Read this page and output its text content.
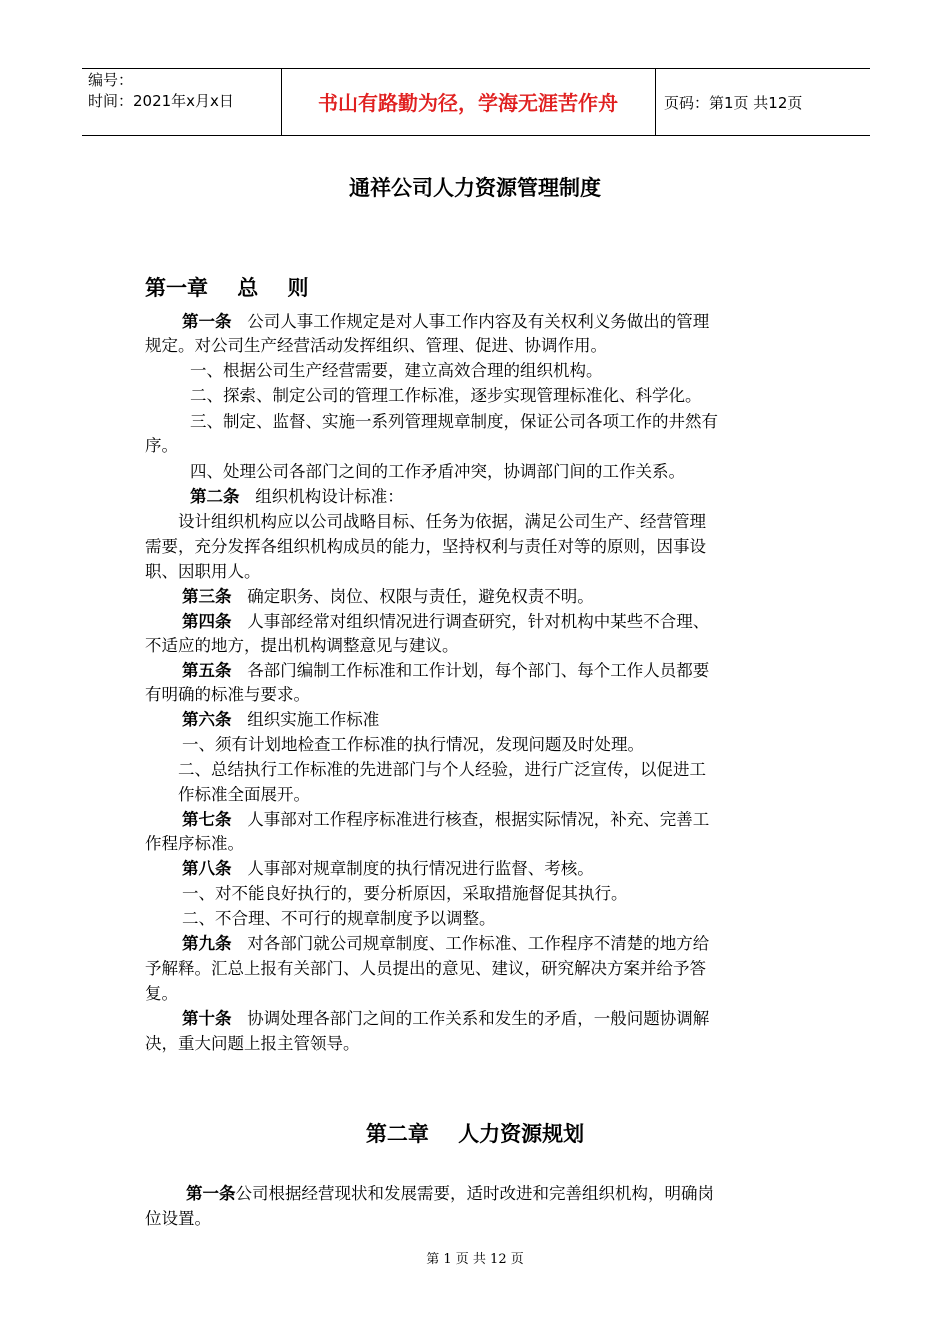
编号：
时间：2021年x月x日	书山有路勤为径，学海无涯苦作舟	页码：第1页 共12页
通祥公司人力资源管理制度
第一章    总    则
第一条   公司人事工作规定是对人事工作内容及有关权利义务做出的管理
规定。对公司生产经营活动发挥组织、管理、促进、协调作用。
一、根据公司生产经营需要，建立高效合理的组织机构。
二、探索、制定公司的管理工作标准，逐步实现管理标准化、科学化。
三、制定、监督、实施一系列管理规章制度，保证公司各项工作的井然有
序。
四、处理公司各部门之间的工作矛盾冲突，协调部门间的工作关系。
第二条   组织机构设计标准：
设计组织机构应以公司战略目标、任务为依据，满足公司生产、经营管理
需要，充分发挥各组织机构成员的能力，坚持权利与责任对等的原则，因事设
职、因职用人。
第三条   确定职务、岗位、权限与责任，避免权责不明。
第四条   人事部经常对组织情况进行调查研究，针对机构中某些不合理、
不适应的地方，提出机构调整意见与建议。
第五条   各部门编制工作标准和工作计划，每个部门、每个工作人员都要
有明确的标准与要求。
第六条   组织实施工作标准
一、须有计划地检查工作标准的执行情况，发现问题及时处理。
二、总结执行工作标准的先进部门与个人经验，进行广泛宣传，以促进工
作标准全面展开。
第七条   人事部对工作程序标准进行核查，根据实际情况，补充、完善工
作程序标准。
第八条   人事部对规章制度的执行情况进行监督、考核。
一、对不能良好执行的，要分析原因，采取措施督促其执行。
二、不合理、不可行的规章制度予以调整。
第九条   对各部门就公司规章制度、工作标准、工作程序不清楚的地方给
予解释。汇总上报有关部门、人员提出的意见、建议，研究解决方案并给予答
复。
第十条   协调处理各部门之间的工作关系和发生的矛盾，一般问题协调解
决，重大问题上报主管领导。
第二章    人力资源规划
第一条公司根据经营现状和发展需要，适时改进和完善组织机构，明确岗
位设置。
第 1 页 共 12 页
